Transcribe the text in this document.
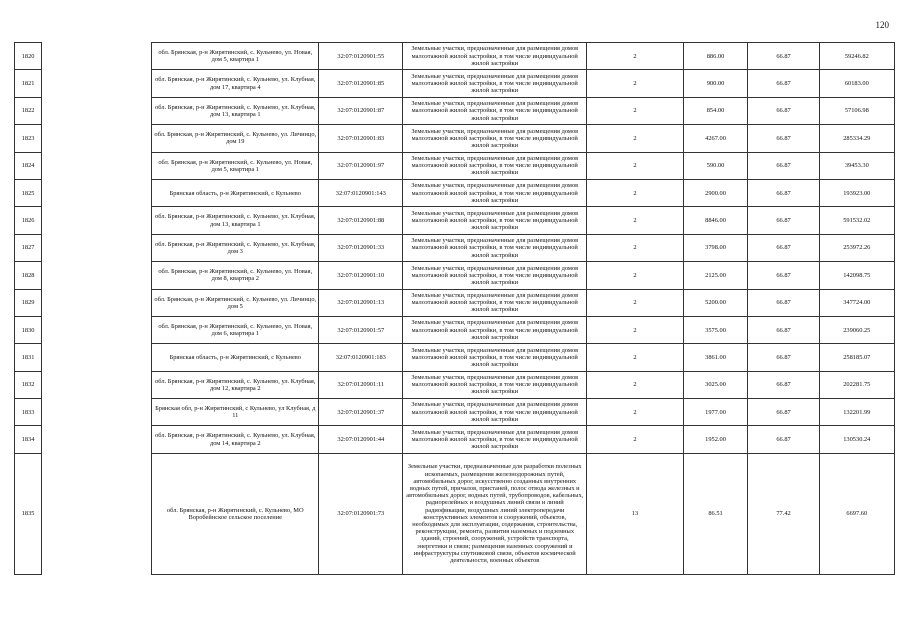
120
1820		обл. Брянская, р-н Жирятинский, с. Кульнево, ул. Новая, дом 5, квартира 1	32:07:0120901:55	Земельные участки, предназначенные для размещения домов малоэтажной жилой застройки, в том числе индивидуальной жилой застройки	2	886.00	66.87	59246.82
1821		обл. Брянская, р-н Жирятинский, с. Кульнево, ул. Клубная, дом 17, квартира 4	32:07:0120901:85	Земельные участки, предназначенные для размещения домов малоэтажной жилой застройки, в том числе индивидуальной жилой застройки	2	900.00	66.87	60183.00
1822		обл. Брянская, р-н Жирятинский, с. Кульнево, ул. Клубная, дом 13, квартира 1	32:07:0120901:87	Земельные участки, предназначенные для размещения домов малоэтажной жилой застройки, в том числе индивидуальной жилой застройки	2	854.00	66.87	57106.98
1823		обл. Брянская, р-н Жирятинский, с. Кульнево, ул. Личинцо, дом 19	32:07:0120901:83	Земельные участки, предназначенные для размещения домов малоэтажной жилой застройки, в том числе индивидуальной жилой застройки	2	4267.00	66.87	285334.29
1824		обл. Брянская, р-н Жирятинский, с. Кульнево, ул. Новая, дом 5, квартира 1	32:07:0120901:97	Земельные участки, предназначенные для размещения домов малоэтажной жилой застройки, в том числе индивидуальной жилой застройки	2	590.00	66.87	39453.30
1825		Брянская область, р-н Жирятинский, с Кульнево	32:07:0120901:143	Земельные участки, предназначенные для размещения домов малоэтажной жилой застройки, в том числе индивидуальной жилой застройки	2	2900.00	66.87	193923.00
1826		обл. Брянская, р-н Жирятинский, с. Кульнево, ул. Клубная, дом 13, квартира 1	32:07:0120901:88	Земельные участки, предназначенные для размещения домов малоэтажной жилой застройки, в том числе индивидуальной жилой застройки	2	8846.00	66.87	591532.02
1827		обл. Брянская, р-н Жирятинский, с. Кульнево, ул. Клубная, дом 3	32:07:0120901:33	Земельные участки, предназначенные для размещения домов малоэтажной жилой застройки, в том числе индивидуальной жилой застройки	2	3798.00	66.87	253972.26
1828		обл. Брянская, р-н Жирятинский, с. Кульнево, ул. Новая, дом 8, квартира 2	32:07:0120901:10	Земельные участки, предназначенные для размещения домов малоэтажной жилой застройки, в том числе индивидуальной жилой застройки	2	2125.00	66.87	142098.75
1829		обл. Брянская, р-н Жирятинский, с. Кульнево, ул. Личинцо, дом 5	32:07:0120901:13	Земельные участки, предназначенные для размещения домов малоэтажной жилой застройки, в том числе индивидуальной жилой застройки	2	5200.00	66.87	347724.00
1830		обл. Брянская, р-н Жирятинский, с. Кульнево, ул. Новая, дом 6, квартира 1	32:07:0120901:57	Земельные участки, предназначенные для размещения домов малоэтажной жилой застройки, в том числе индивидуальной жилой застройки	2	3575.00	66.87	239060.25
1831		Брянская область, р-н Жирятинский, с Кульнево	32:07:0120901:183	Земельные участки, предназначенные для размещения домов малоэтажной жилой застройки, в том числе индивидуальной жилой застройки	2	3861.00	66.87	258185.07
1832		обл. Брянская, р-н Жирятинский, с. Кульнево, ул. Клубная, дом 12, квартира 2	32:07:0120901:11	Земельные участки, предназначенные для размещения домов малоэтажной жилой застройки, в том числе индивидуальной жилой застройки	2	3025.00	66.87	202281.75
1833		Брянская обл, р-н Жирятинский, с Кульнево, ул Клубная, д 11	32:07:0120901:37	Земельные участки, предназначенные для размещения домов малоэтажной жилой застройки, в том числе индивидуальной жилой застройки	2	1977.00	66.87	132201.99
1834		обл. Брянская, р-н Жирятинский, с. Кульнево, ул. Клубная, дом 14, квартира 2	32:07:0120901:44	Земельные участки, предназначенные для размещения домов малоэтажной жилой застройки, в том числе индивидуальной жилой застройки	2	1952.00	66.87	130530.24
1835		обл. Брянская, р-н Жирятинский, с. Кульнево, МО Воробейнское сельское поселение	32:07:0120901:73	Земельные участки, предназначенные для разработки полезных ископаемых, размещения железнодорожных путей, автомобильных дорог, искусственно созданных внутренних водных путей, причалов, пристаней, полос отвода железных и автомобильных дорог, водных путей, трубопроводов, кабельных, радиорелейных и воздушных линий связи и линий радиофикации, воздушных линий электропередачи конструктивных элементов и сооружений, объектов, необходимых для эксплуатации, содержания, строительства, реконструкции, ремонта, развития наземных и подземных зданий, строений, сооружений, устройств транспорта, энергетики и связи; размещения наземных сооружений и инфраструктуры спутниковой связи, объектов космической деятельности, военных объектов	13	86.51	77.42	6697.60
